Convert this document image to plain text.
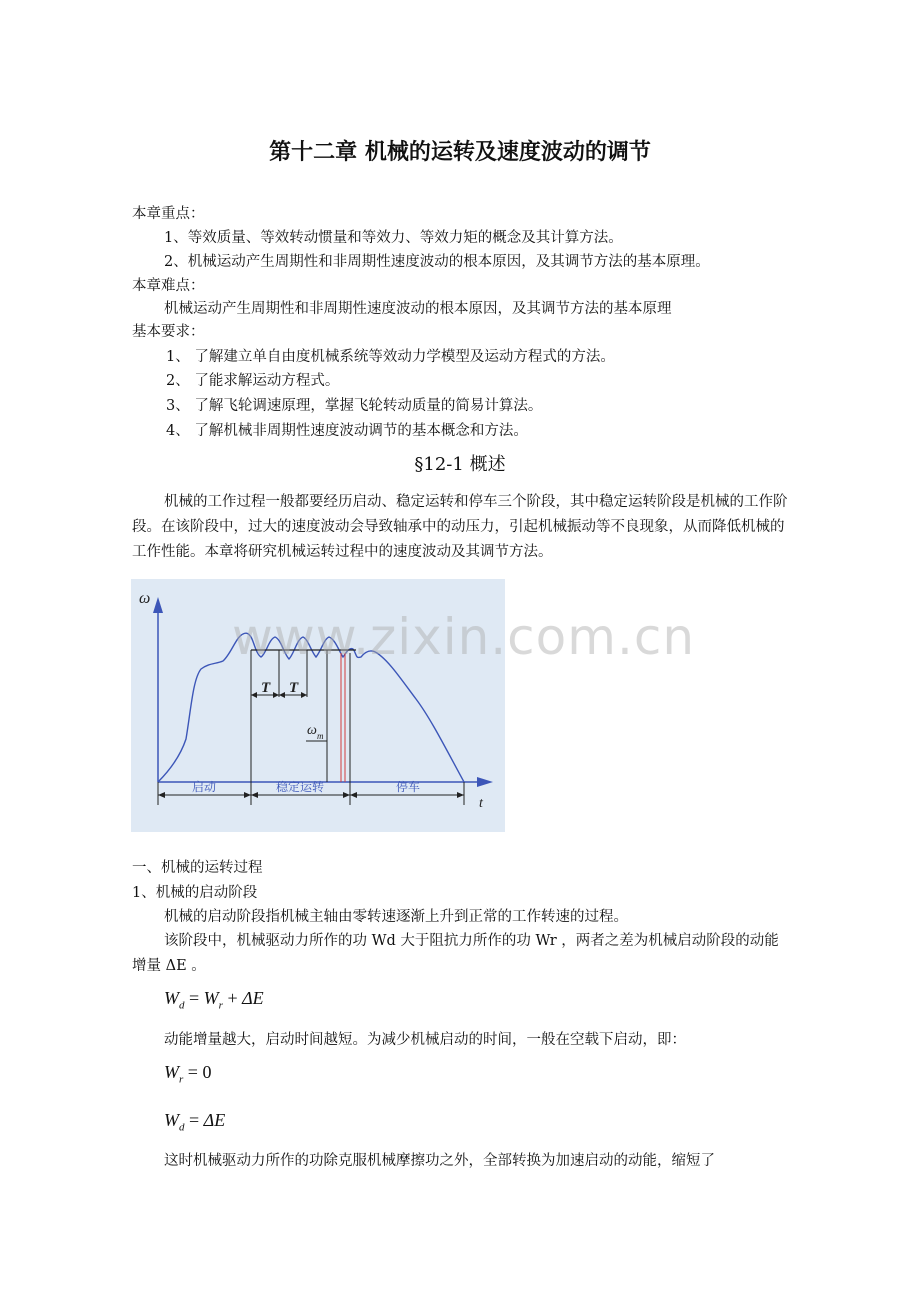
第十二章 机械的运转及速度波动的调节
本章重点：
1、等效质量、等效转动惯量和等效力、等效力矩的概念及其计算方法。
2、机械运动产生周期性和非周期性速度波动的根本原因，及其调节方法的基本原理。
本章难点：
机械运动产生周期性和非周期性速度波动的根本原因，及其调节方法的基本原理
基本要求：
1、 了解建立单自由度机械系统等效动力学模型及运动方程式的方法。
2、 了能求解运动方程式。
3、 了解飞轮调速原理，掌握飞轮转动质量的简易计算法。
4、 了解机械非周期性速度波动调节的基本概念和方法。
§12-1 概述
机械的工作过程一般都要经历启动、稳定运转和停车三个阶段，其中稳定运转阶段是机械的工作阶段。在该阶段中，过大的速度波动会导致轴承中的动压力，引起机械振动等不良现象，从而降低机械的工作性能。本章将研究机械运转过程中的速度波动及其调节方法。
ω
t
T T
ω m
启动	稳定运转	停车
www.zixin.com.cn
一、机械的运转过程
1、机械的启动阶段
机械的启动阶段指机械主轴由零转速逐渐上升到正常的工作转速的过程。
该阶段中，机械驱动力所作的功 Wd 大于阻抗力所作的功 Wr ，两者之差为机械启动阶段的动能增量 ΔE 。
$W_d = W_r + \Delta E$
动能增量越大，启动时间越短。为减少机械启动的时间，一般在空载下启动，即：
$W_r = 0$
$W_d = \Delta E$
这时机械驱动力所作的功除克服机械摩擦功之外，全部转换为加速启动的动能，缩短了
